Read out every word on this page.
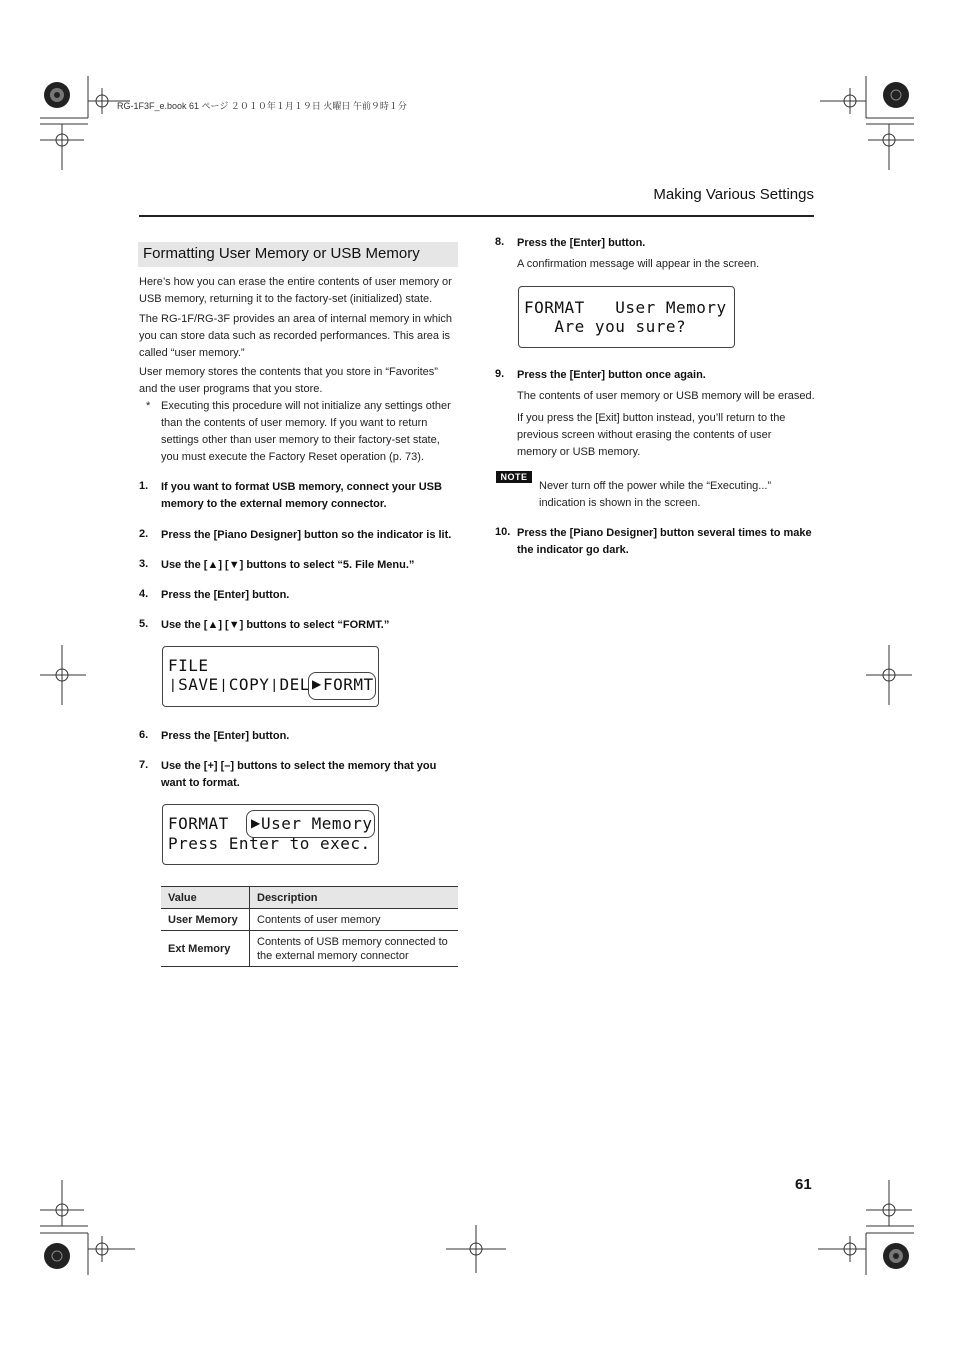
RG-1F3F_e.book 61 ページ ２０１０年１月１９日 火曜日 午前９時１分
Making Various Settings
Formatting User Memory or USB Memory
Here’s how you can erase the entire contents of user memory or USB memory, returning it to the factory-set (initialized) state.
The RG-1F/RG-3F provides an area of internal memory in which you can store data such as recorded performances. This area is called “user memory.”
User memory stores the contents that you store in “Favorites” and the user programs that you store.
* Executing this procedure will not initialize any settings other than the contents of user memory. If you want to return settings other than user memory to their factory-set state, you must execute the Factory Reset operation (p. 73).
1. If you want to format USB memory, connect your USB memory to the external memory connector.
2. Press the [Piano Designer] button so the indicator is lit.
3. Use the [▲] [▼] buttons to select “5. File Menu.”
4. Press the [Enter] button.
5. Use the [▲] [▼] buttons to select “FORMT.”
FILE
❘SAVE❘COPY❘DEL ▶ FORMT
6. Press the [Enter] button.
7. Use the [+] [–] buttons to select the memory that you want to format.
FORMAT ▶ User Memory
Press Enter to exec.
Value	Description
User Memory	Contents of user memory
Ext Memory	Contents of USB memory connected to the external memory connector
8. Press the [Enter] button.
A confirmation message will appear in the screen.
FORMAT   User Memory
Are you sure?
9. Press the [Enter] button once again.
The contents of user memory or USB memory will be erased.
If you press the [Exit] button instead, you’ll return to the previous screen without erasing the contents of user memory or USB memory.
NOTE
Never turn off the power while the “Executing...” indication is shown in the screen.
10. Press the [Piano Designer] button several times to make the indicator go dark.
61
